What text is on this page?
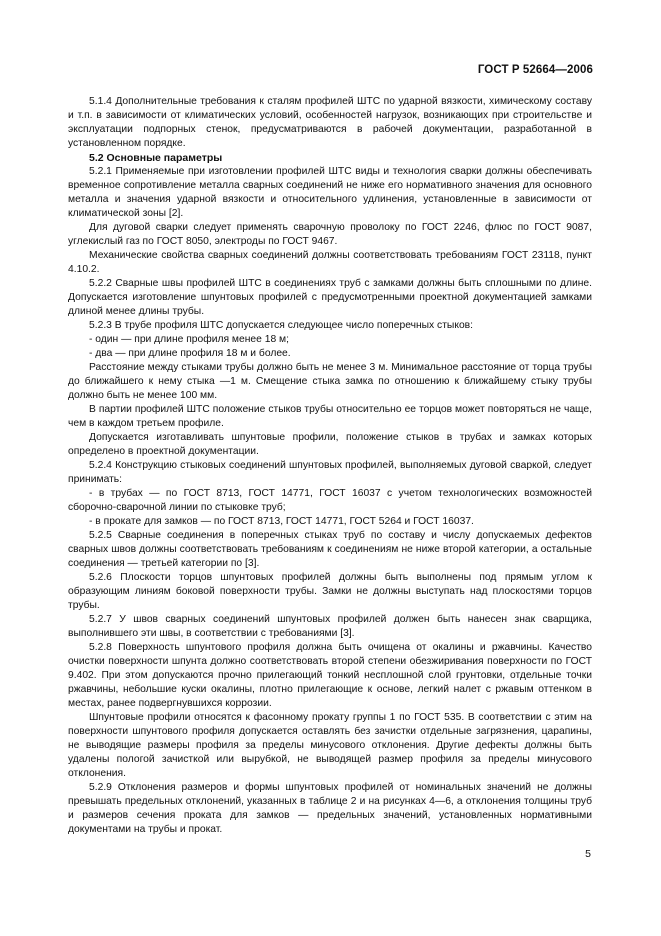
ГОСТ Р 52664—2006

5.1.4 Дополнительные требования к сталям профилей ШТС по ударной вязкости, химическому составу и т.п. в зависимости от климатических условий, особенностей нагрузок, возникающих при строительстве и эксплуатации подпорных стенок, предусматриваются в рабочей документации, разработанной в установленном порядке.

5.2 Основные параметры

5.2.1 Применяемые при изготовлении профилей ШТС виды и технология сварки должны обеспечивать временное сопротивление металла сварных соединений не ниже его нормативного значения для основного металла и значения ударной вязкости и относительного удлинения, установленные в зависимости от климатической зоны [2].

Для дуговой сварки следует применять сварочную проволоку по ГОСТ 2246, флюс по ГОСТ 9087, углекислый газ по ГОСТ 8050, электроды по ГОСТ 9467.

Механические свойства сварных соединений должны соответствовать требованиям ГОСТ 23118, пункт 4.10.2.

5.2.2 Сварные швы профилей ШТС в соединениях труб с замками должны быть сплошными по длине. Допускается изготовление шпунтовых профилей с предусмотренными проектной документацией замками длиной менее длины трубы.

5.2.3 В трубе профиля ШТС допускается следующее число поперечных стыков:

- один — при длине профиля менее 18 м;

- два — при длине профиля 18 м и более.

Расстояние между стыками трубы должно быть не менее 3 м. Минимальное расстояние от торца трубы до ближайшего к нему стыка —1 м. Смещение стыка замка по отношению к ближайшему стыку трубы должно быть не менее 100 мм.

В партии профилей ШТС положение стыков трубы относительно ее торцов может повторяться не чаще, чем в каждом третьем профиле.

Допускается изготавливать шпунтовые профили, положение стыков в трубах и замках которых определено в проектной документации.

5.2.4 Конструкцию стыковых соединений шпунтовых профилей, выполняемых дуговой сваркой, следует принимать:

- в трубах — по ГОСТ 8713, ГОСТ 14771, ГОСТ 16037 с учетом технологических возможностей сборочно-сварочной линии по стыковке труб;

- в прокате для замков — по ГОСТ 8713, ГОСТ 14771, ГОСТ 5264 и ГОСТ 16037.

5.2.5 Сварные соединения в поперечных стыках труб по составу и числу допускаемых дефектов сварных швов должны соответствовать требованиям к соединениям не ниже второй категории, а остальные соединения — третьей категории по [3].

5.2.6 Плоскости торцов шпунтовых профилей должны быть выполнены под прямым углом к образующим линиям боковой поверхности трубы. Замки не должны выступать над плоскостями торцов трубы.

5.2.7 У швов сварных соединений шпунтовых профилей должен быть нанесен знак сварщика, выполнившего эти швы, в соответствии с требованиями [3].

5.2.8 Поверхность шпунтового профиля должна быть очищена от окалины и ржавчины. Качество очистки поверхности шпунта должно соответствовать второй степени обезжиривания поверхности по ГОСТ 9.402. При этом допускаются прочно прилегающий тонкий несплошной слой грунтовки, отдельные точки ржавчины, небольшие куски окалины, плотно прилегающие к основе, легкий налет с ржавым оттенком в местах, ранее подвергнувшихся коррозии.

Шпунтовые профили относятся к фасонному прокату группы 1 по ГОСТ 535. В соответствии с этим на поверхности шпунтового профиля допускается оставлять без зачистки отдельные загрязнения, царапины, не выводящие размеры профиля за пределы минусового отклонения. Другие дефекты должны быть удалены пологой зачисткой или вырубкой, не выводящей размер профиля за пределы минусового отклонения.

5.2.9 Отклонения размеров и формы шпунтовых профилей от номинальных значений не должны превышать предельных отклонений, указанных в таблице 2 и на рисунках 4—6, а отклонения толщины труб и размеров сечения проката для замков — предельных значений, установленных нормативными документами на трубы и прокат.

5
